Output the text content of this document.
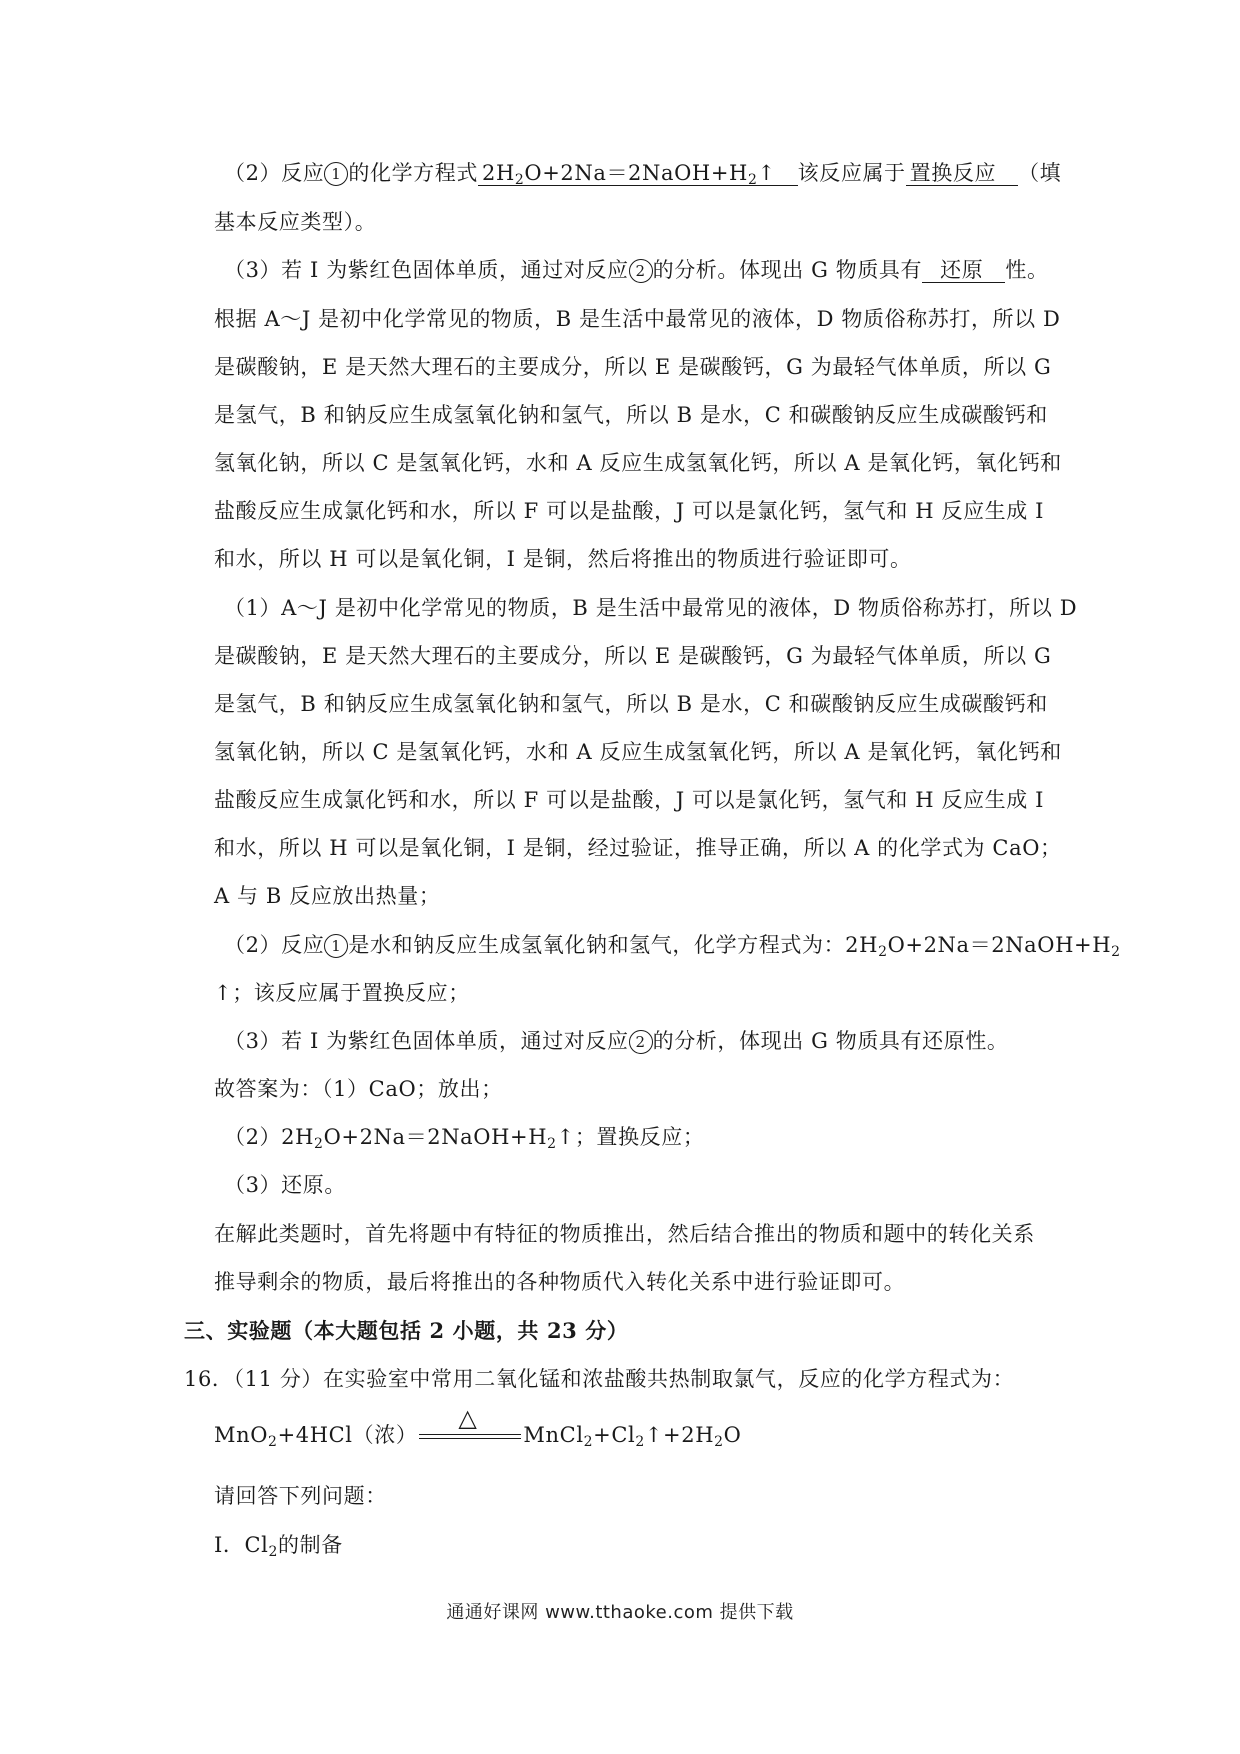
（2）反应 1 的化学方程式 $2H_2O+2Na=2NaOH+H_2↑$ 该反应属于 置换反应 （填
基本反应类型）。
（3）若 I 为紫红色固体单质，通过对反应 2 的分析。体现出 G 物质具有 还原 性。
根据 A～J 是初中化学常见的物质，B 是生活中最常见的液体，D 物质俗称苏打，所以 D
是碳酸钠，E 是天然大理石的主要成分，所以 E 是碳酸钙，G 为最轻气体单质，所以 G
是氢气，B 和钠反应生成氢氧化钠和氢气，所以 B 是水，C 和碳酸钠反应生成碳酸钙和
氢氧化钠，所以 C 是氢氧化钙，水和 A 反应生成氢氧化钙，所以 A 是氧化钙，氧化钙和
盐酸反应生成氯化钙和水，所以 F 可以是盐酸，J 可以是氯化钙，氢气和 H 反应生成 I
和水，所以 H 可以是氧化铜，I 是铜，然后将推出的物质进行验证即可。
（1）A～J 是初中化学常见的物质，B 是生活中最常见的液体，D 物质俗称苏打，所以 D
是碳酸钠，E 是天然大理石的主要成分，所以 E 是碳酸钙，G 为最轻气体单质，所以 G
是氢气，B 和钠反应生成氢氧化钠和氢气，所以 B 是水，C 和碳酸钠反应生成碳酸钙和
氢氧化钠，所以 C 是氢氧化钙，水和 A 反应生成氢氧化钙，所以 A 是氧化钙，氧化钙和
盐酸反应生成氯化钙和水，所以 F 可以是盐酸，J 可以是氯化钙，氢气和 H 反应生成 I
和水，所以 H 可以是氧化铜，I 是铜，经过验证，推导正确，所以 A 的化学式为 CaO；
A 与 B 反应放出热量；
（2）反应 1 是水和钠反应生成氢氧化钠和氢气，化学方程式为：$2H_2O+2Na=2NaOH+H_2$
↑；该反应属于置换反应；
（3）若 I 为紫红色固体单质，通过对反应 2 的分析，体现出 G 物质具有还原性。
故答案为：（1）CaO；放出；
$(2)2H_2O+2Na=2NaOH+H_2↑$；置换反应；
（3）还原。
在解此类题时，首先将题中有特征的物质推出，然后结合推出的物质和题中的转化关系
推导剩余的物质，最后将推出的各种物质代入转化关系中进行验证即可。
三、实验题（本大题包括 2 小题，共 23 分）
16．（11 分）在实验室中常用二氧化锰和浓盐酸共热制取氯气，反应的化学方程式为：
MnO$_2$+4HCl（浓）
△
$MnCl_2+Cl_2↑+2H_2O$
请回答下列问题：
Ⅰ．$Cl_2$的制备
通通好课网 www.tthaoke.com 提供下载
